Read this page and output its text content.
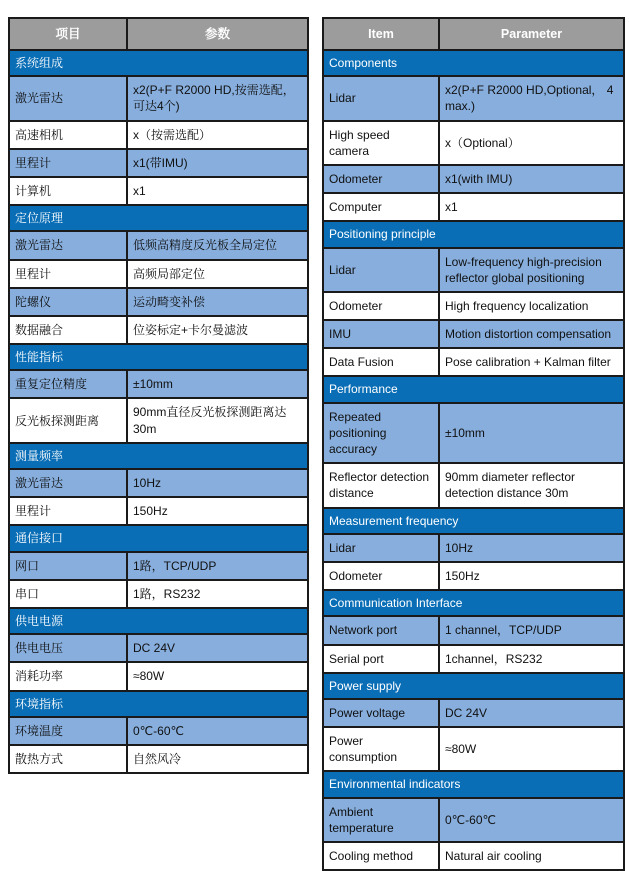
项目	参数
系统组成	
激光雷达	x2(P+F R2000 HD,按需选配，可达4个)
高速相机	x（按需选配）
里程计	x1(带IMU)
计算机	x1
定位原理	
激光雷达	低频高精度反光板全局定位
里程计	高频局部定位
陀螺仪	运动畸变补偿
数据融合	位姿标定+卡尔曼滤波
性能指标	
重复定位精度	±10mm
反光板探测距离	90mm直径反光板探测距离达30m
测量频率	
激光雷达	10Hz
里程计	150Hz
通信接口	
网口	1路，TCP/UDP
串口	1路，RS232
供电电源	
供电电压	DC 24V
消耗功率	≈80W
环境指标	
环境温度	0℃-60℃
散热方式	自然风冷
Item	Parameter
Components	
Lidar	x2(P+F R2000 HD,Optional， 4 max.)
High speed camera	x（Optional）
Odometer	x1(with IMU)
Computer	x1
Positioning principle	
Lidar	Low-frequency high-precision reflector global positioning
Odometer	High frequency localization
IMU	Motion distortion compensation
Data Fusion	Pose calibration + Kalman filter
Performance	
Repeated positioning accuracy	±10mm
Reflector detection distance	90mm diameter reflector detection distance 30m
Measurement frequency	
Lidar	10Hz
Odometer	150Hz
Communication Interface	
Network port	1 channel，TCP/UDP
Serial port	1channel，RS232
Power supply	
Power voltage	DC 24V
Power consumption	≈80W
Environmental indicators	
Ambient temperature	0℃-60℃
Cooling method	Natural air cooling
